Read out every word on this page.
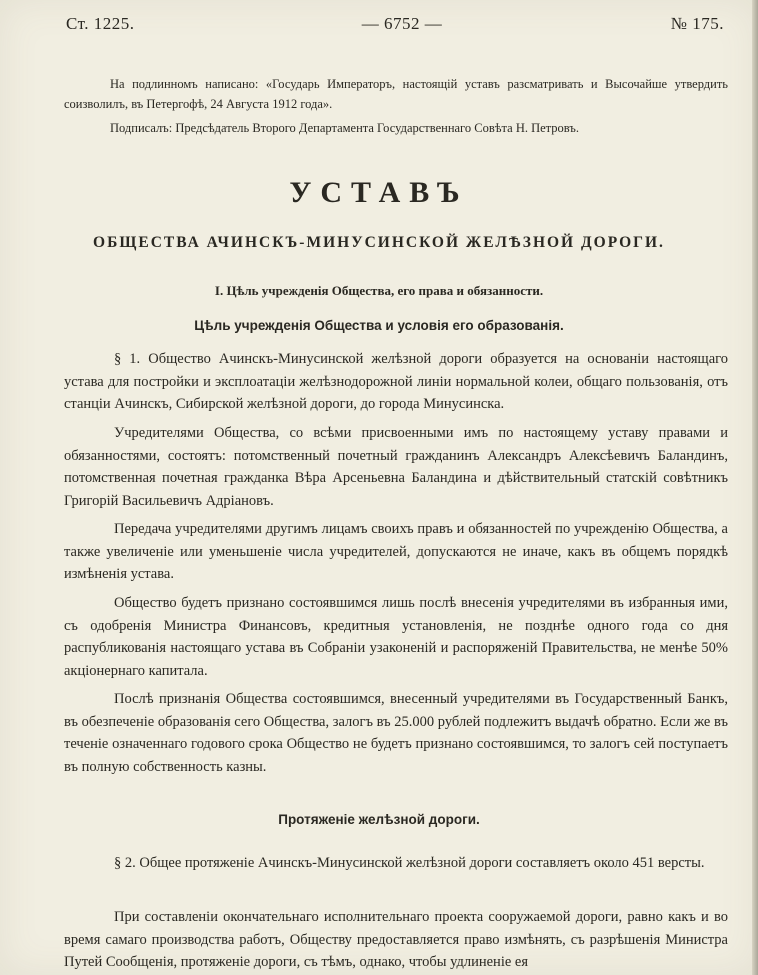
Ст. 1225.	— 6752 —	№ 175.

На подлинномъ написано: «Государь Императоръ, настоящій уставъ разсматривать и Высочайше утвердить соизволилъ, въ Петергофѣ, 24 Августа 1912 года».

Подписалъ: Предсѣдатель Второго Департамента Государственнаго Совѣта Н. Петровъ.

УСТАВЪ
ОБЩЕСТВА АЧИНСКЪ-МИНУСИНСКОЙ ЖЕЛѢЗНОЙ ДОРОГИ.
I. Цѣль учрежденія Общества, его права и обязанности.
Цѣль учрежденія Общества и условія его образованія.

§ 1. Общество Ачинскъ-Минусинской желѣзной дороги образуется на основаніи настоящаго устава для постройки и эксплоатаціи желѣзнодорожной линіи нормальной колеи, общаго пользованія, отъ станціи Ачинскъ, Сибирской желѣзной дороги, до города Минусинска.

Учредителями Общества, со всѣми присвоенными имъ по настоящему уставу правами и обязанностями, состоятъ: потомственный почетный гражданинъ Александръ Алексѣевичъ Баландинъ, потомственная почетная гражданка Вѣра Арсеньевна Баландина и дѣйствительный статскій совѣтникъ Григорій Васильевичъ Адріановъ.

Передача учредителями другимъ лицамъ своихъ правъ и обязанностей по учрежденію Общества, а также увеличеніе или уменьшеніе числа учредителей, допускаются не иначе, какъ въ общемъ порядкѣ измѣненія устава.

Общество будетъ признано состоявшимся лишь послѣ внесенія учредителями въ избранныя ими, съ одобренія Министра Финансовъ, кредитныя установленія, не позднѣе одного года со дня распубликованія настоящаго устава въ Собраніи узаконеній и распоряженій Правительства, не менѣе 50% акціонернаго капитала.

Послѣ признанія Общества состоявшимся, внесенный учредителями въ Государственный Банкъ, въ обезпеченіе образованія сего Общества, залогъ въ 25.000 рублей подлежитъ выдачѣ обратно. Если же въ теченіе означеннаго годового срока Общество не будетъ признано состоявшимся, то залогъ сей поступаетъ въ полную собственность казны.

Протяженіе желѣзной дороги.

§ 2. Общее протяженіе Ачинскъ-Минусинской желѣзной дороги составляетъ около 451 версты.

При составленіи окончательнаго исполнительнаго проекта сооружаемой дороги, равно какъ и во время самаго производства работъ, Обществу предоставляется право измѣнять, съ разрѣшенія Министра Путей Сообщенія, протяженіе дороги, съ тѣмъ, однако, чтобы удлиненіе ея
